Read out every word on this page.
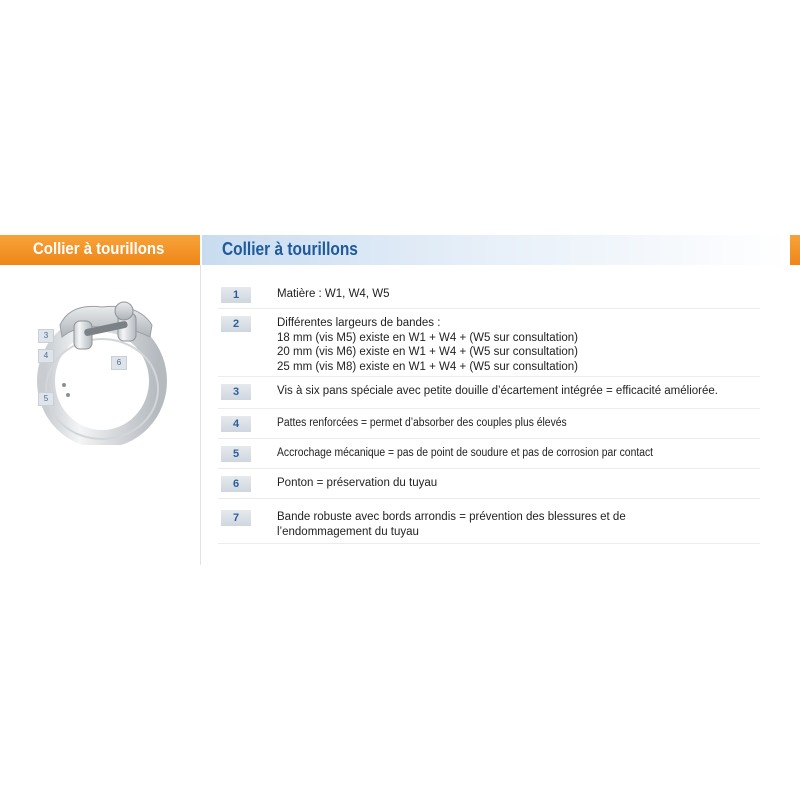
Collier à tourillons	Collier à tourillons
3
4
5
6
1	Matière : W1, W4, W5
2	Différentes largeurs de bandes :
18 mm (vis M5) existe en W1 + W4 + (W5 sur consultation)
20 mm (vis M6) existe en W1 + W4 + (W5 sur consultation)
25 mm (vis M8) existe en W1 + W4 + (W5 sur consultation)
3	Vis à six pans spéciale avec petite douille d’écartement intégrée = efficacité améliorée.
4	Pattes renforcées = permet d’absorber des couples plus élevés
5	Accrochage mécanique = pas de point de soudure et pas de corrosion par contact
6	Ponton = préservation du tuyau
7	Bande robuste avec bords arrondis = prévention des blessures et de
l’endommagement du tuyau
